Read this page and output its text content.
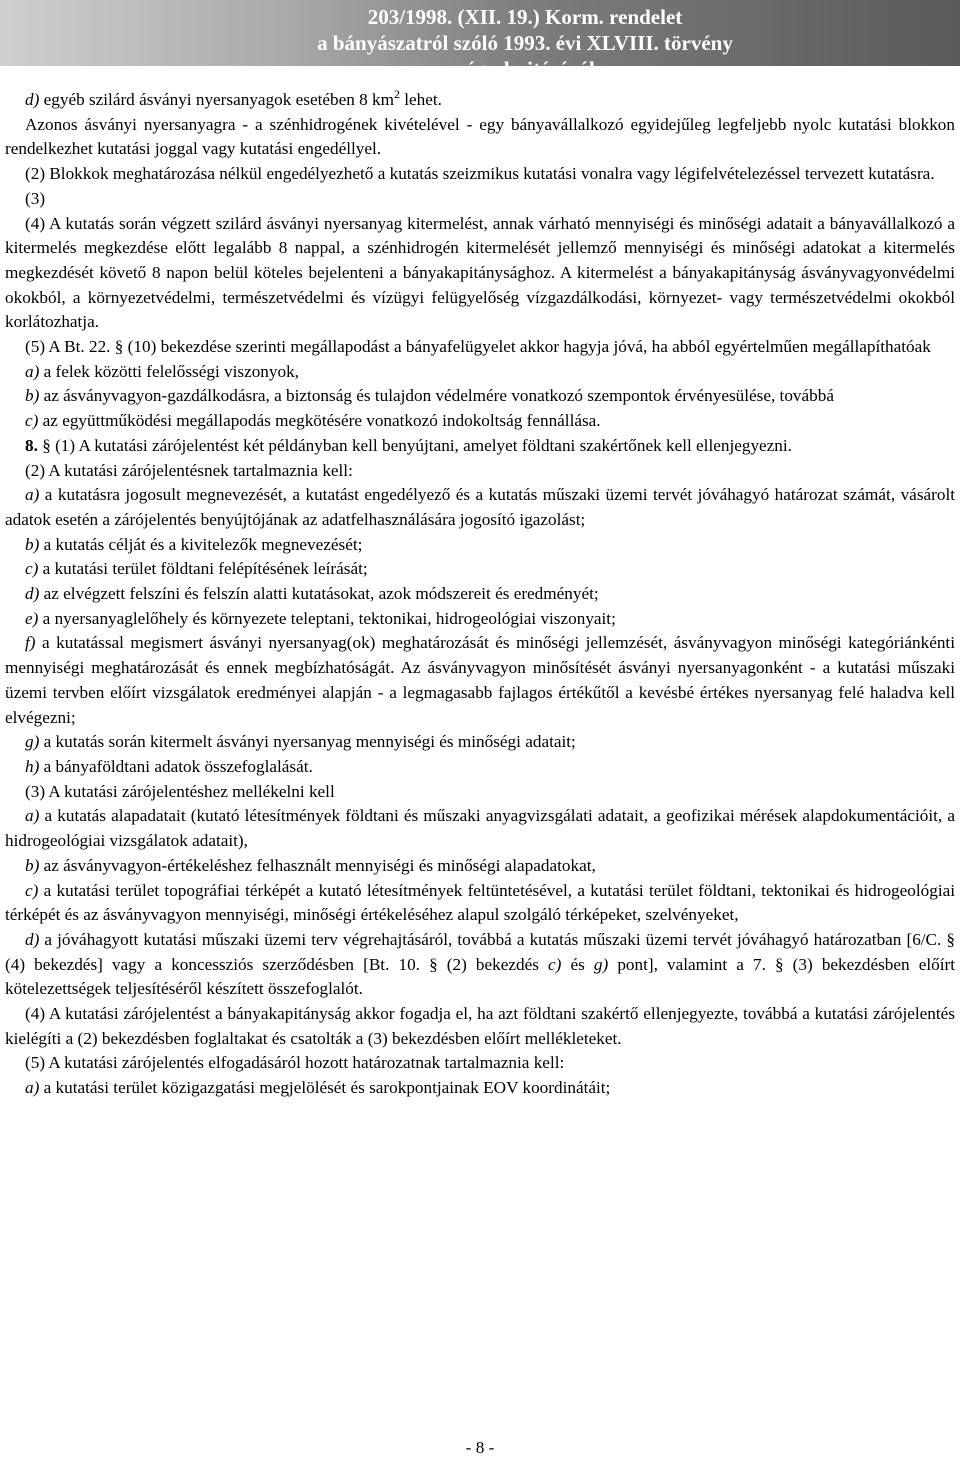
203/1998. (XII. 19.) Korm. rendelet
a bányászatról szóló 1993. évi XLVIII. törvény végrehajtásáról

d) egyéb szilárd ásványi nyersanyagok esetében 8 $km^2$ lehet.

Azonos ásványi nyersanyagra - a szénhidrogének kivételével - egy bányavállalkozó egyidejűleg legfeljebb nyolc kutatási blokkon rendelkezhet kutatási joggal vagy kutatási engedéllyel.

(2) Blokkok meghatározása nélkül engedélyezhető a kutatás szeizmikus kutatási vonalra vagy légifelvételezéssel tervezett kutatásra.

(3)

(4) A kutatás során végzett szilárd ásványi nyersanyag kitermelést, annak várható mennyiségi és minőségi adatait a bányavállalkozó a kitermelés megkezdése előtt legalább 8 nappal, a szénhidrogén kitermelését jellemző mennyiségi és minőségi adatokat a kitermelés megkezdését követő 8 napon belül köteles bejelenteni a bányakapitánysághoz. A kitermelést a bányakapitányság ásványvagyonvédelmi okokból, a környezetvédelmi, természetvédelmi és vízügyi felügyelőség vízgazdálkodási, környezet- vagy természetvédelmi okokból korlátozhatja.

(5) A Bt. 22. § (10) bekezdése szerinti megállapodást a bányafelügyelet akkor hagyja jóvá, ha abból egyértelműen megállapíthatóak

a) a felek közötti felelősségi viszonyok,

b) az ásványvagyon-gazdálkodásra, a biztonság és tulajdon védelmére vonatkozó szempontok érvényesülése, továbbá

c) az együttműködési megállapodás megkötésére vonatkozó indokoltság fennállása.

8. § (1) A kutatási zárójelentést két példányban kell benyújtani, amelyet földtani szakértőnek kell ellenjegyezni.

(2) A kutatási zárójelentésnek tartalmaznia kell:

a) a kutatásra jogosult megnevezését, a kutatást engedélyező és a kutatás műszaki üzemi tervét jóváhagyó határozat számát, vásárolt adatok esetén a zárójelentés benyújtójának az adatfelhasználására jogosító igazolást;

b) a kutatás célját és a kivitelezők megnevezését;

c) a kutatási terület földtani felépítésének leírását;

d) az elvégzett felszíni és felszín alatti kutatásokat, azok módszereit és eredményét;

e) a nyersanyaglelőhely és környezete teleptani, tektonikai, hidrogeológiai viszonyait;

f) a kutatással megismert ásványi nyersanyag(ok) meghatározását és minőségi jellemzését, ásványvagyon minőségi kategóriánkénti mennyiségi meghatározását és ennek megbízhatóságát. Az ásványvagyon minősítését ásványi nyersanyagonként - a kutatási műszaki üzemi tervben előírt vizsgálatok eredményei alapján - a legmagasabb fajlagos értékűtől a kevésbé értékes nyersanyag felé haladva kell elvégezni;

g) a kutatás során kitermelt ásványi nyersanyag mennyiségi és minőségi adatait;

h) a bányaföldtani adatok összefoglalását.

(3) A kutatási zárójelentéshez mellékelni kell

a) a kutatás alapadatait (kutató létesítmények földtani és műszaki anyagvizsgálati adatait, a geofizikai mérések alapdokumentációit, a hidrogeológiai vizsgálatok adatait),

b) az ásványvagyon-értékeléshez felhasznált mennyiségi és minőségi alapadatokat,

c) a kutatási terület topográfiai térképét a kutató létesítmények feltüntetésével, a kutatási terület földtani, tektonikai és hidrogeológiai térképét és az ásványvagyon mennyiségi, minőségi értékeléséhez alapul szolgáló térképeket, szelvényeket,

d) a jóváhagyott kutatási műszaki üzemi terv végrehajtásáról, továbbá a kutatás műszaki üzemi tervét jóváhagyó határozatban [6/C. § (4) bekezdés] vagy a koncessziós szerződésben [Bt. 10. § (2) bekezdés c) és g) pont], valamint a 7. § (3) bekezdésben előírt kötelezettségek teljesítéséről készített összefoglalót.

(4) A kutatási zárójelentést a bányakapitányság akkor fogadja el, ha azt földtani szakértő ellenjegyezte, továbbá a kutatási zárójelentés kielégíti a (2) bekezdésben foglaltakat és csatolták a (3) bekezdésben előírt mellékleteket.

(5) A kutatási zárójelentés elfogadásáról hozott határozatnak tartalmaznia kell:

a) a kutatási terület közigazgatási megjelölését és sarokpontjainak EOV koordinátáit;

- 8 -
